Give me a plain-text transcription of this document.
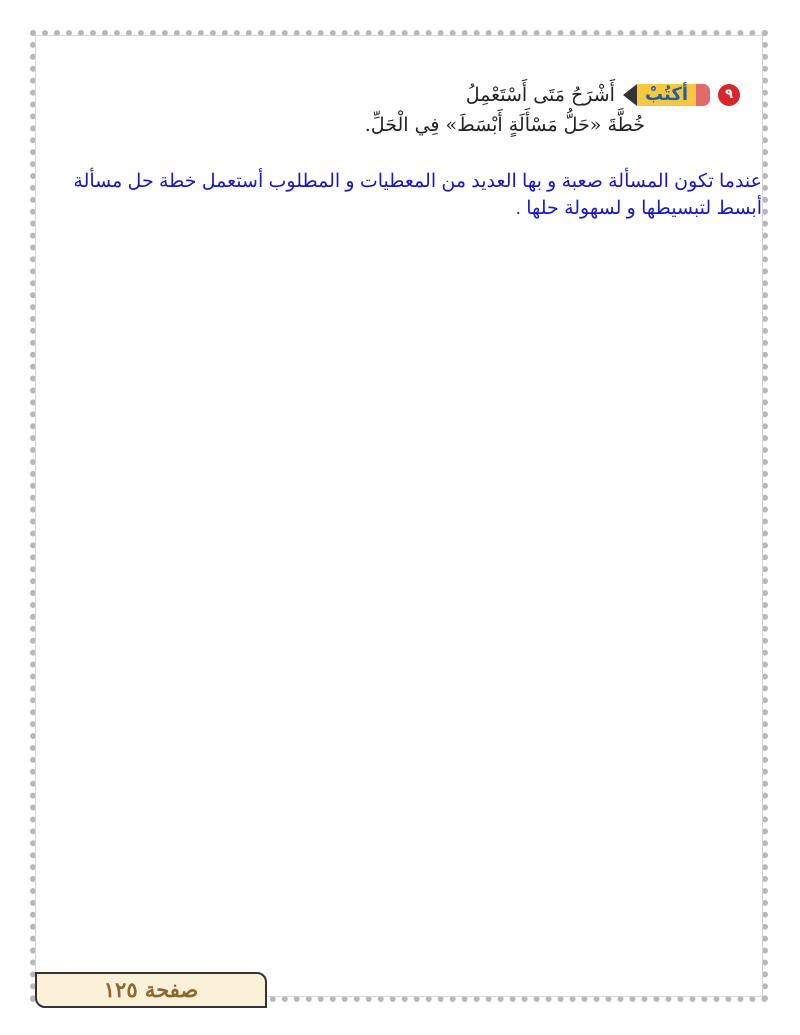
٩
أكتُبْ
أَشْرَحُ مَتَى أَسْتَعْمِلُ
خُطَّةَ «حَلُّ مَسْأَلَةٍ أَبْسَطَ» فِي الْحَلِّ.
عندما تكون المسألة صعبة و بها العديد من المعطيات و المطلوب أستعمل خطة حل مسألة أبسط لتبسيطها و لسهولة حلها .
صفحة ١٢٥
